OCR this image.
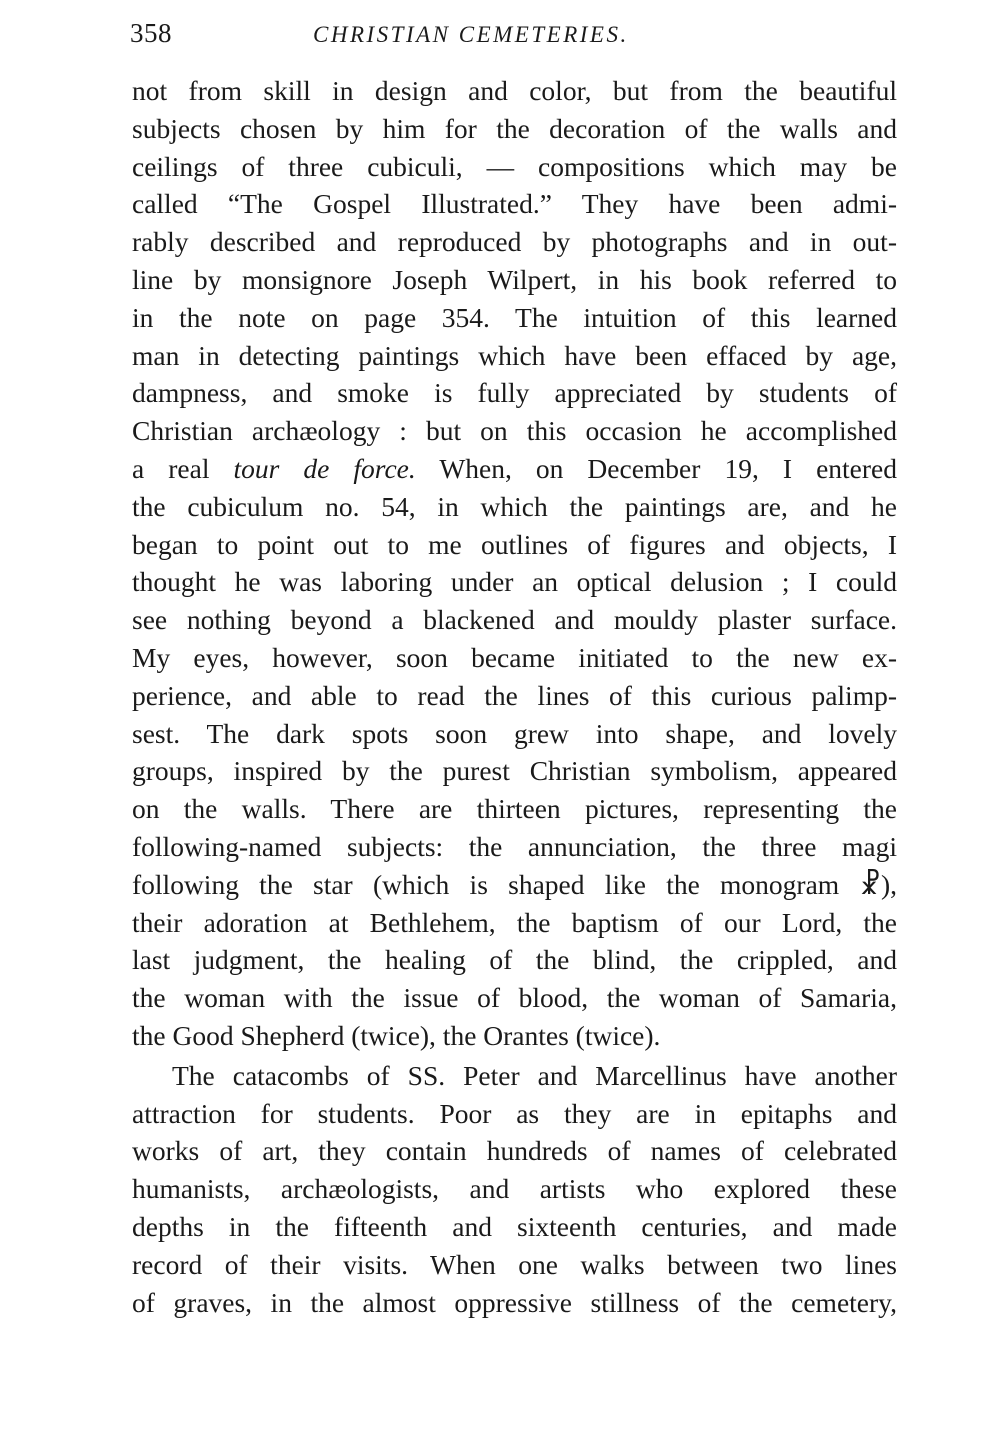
358	CHRISTIAN CEMETERIES.
not from skill in design and color, but from the beautiful
subjects chosen by him for the decoration of the walls and
ceilings of three cubiculi, — compositions which may be
called “The Gospel Illustrated.” They have been admi-
rably described and reproduced by photographs and in out-
line by monsignore Joseph Wilpert, in his book referred to
in the note on page 354. The intuition of this learned
man in detecting paintings which have been effaced by age,
dampness, and smoke is fully appreciated by students of
Christian archæology : but on this occasion he accomplished
a real tour de force. When, on December 19, I entered
the cubiculum no. 54, in which the paintings are, and he
began to point out to me outlines of figures and objects, I
thought he was laboring under an optical delusion ; I could
see nothing beyond a blackened and mouldy plaster surface.
My eyes, however, soon became initiated to the new ex-
perience, and able to read the lines of this curious palimp-
sest. The dark spots soon grew into shape, and lovely
groups, inspired by the purest Christian symbolism, appeared
on the walls. There are thirteen pictures, representing the
following-named subjects: the annunciation, the three magi
following the star (which is shaped like the monogram ☧),
their adoration at Bethlehem, the baptism of our Lord, the
last judgment, the healing of the blind, the crippled, and
the woman with the issue of blood, the woman of Samaria,
the Good Shepherd (twice), the Orantes (twice).
The catacombs of SS. Peter and Marcellinus have another
attraction for students. Poor as they are in epitaphs and
works of art, they contain hundreds of names of celebrated
humanists, archæologists, and artists who explored these
depths in the fifteenth and sixteenth centuries, and made
record of their visits. When one walks between two lines
of graves, in the almost oppressive stillness of the cemetery,
